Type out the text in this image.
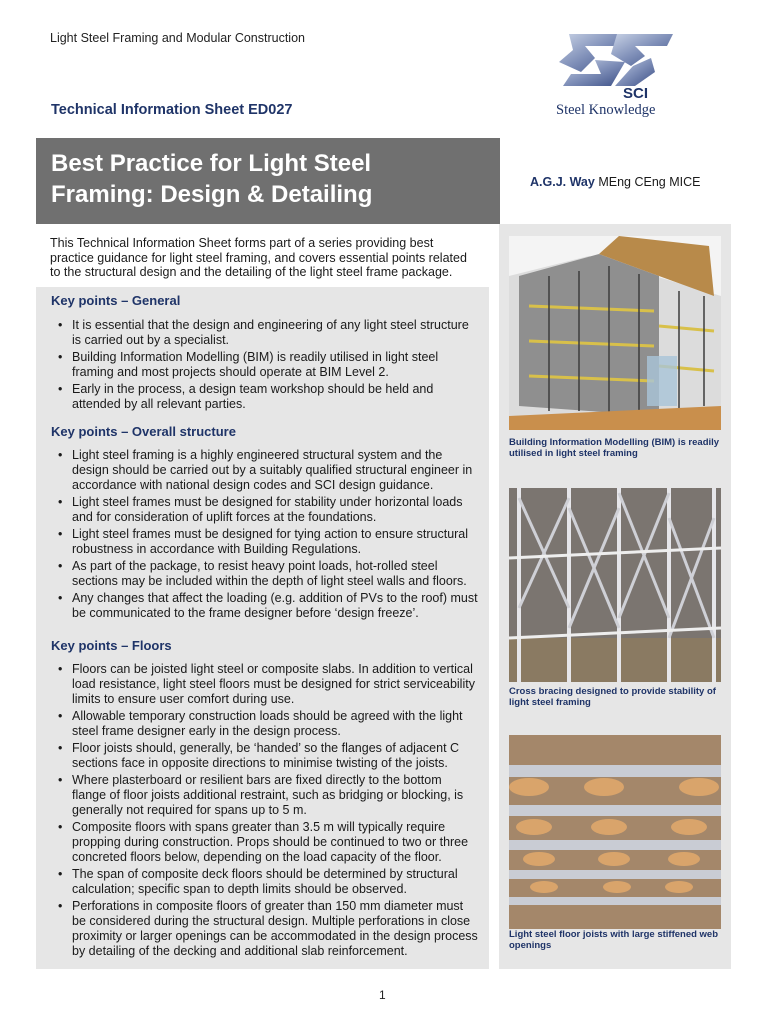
Light Steel Framing and Modular Construction
Technical Information Sheet ED027
SCI
Steel Knowledge
Best Practice for Light Steel
Framing: Design & Detailing	A.G.J. Way MEng CEng MICE
This Technical Information Sheet forms part of a series providing best practice guidance for light steel framing, and covers essential points related to the structural design and the detailing of the light steel frame package.
Key points – General
• It is essential that the design and engineering of any light steel structure is carried out by a specialist.
• Building Information Modelling (BIM) is readily utilised in light steel framing and most projects should operate at BIM Level 2.
• Early in the process, a design team workshop should be held and attended by all relevant parties.
Key points – Overall structure
• Light steel framing is a highly engineered structural system and the design should be carried out by a suitably qualified structural engineer in accordance with national design codes and SCI design guidance.
• Light steel frames must be designed for stability under horizontal loads and for consideration of uplift forces at the foundations.
• Light steel frames must be designed for tying action to ensure structural robustness in accordance with Building Regulations.
• As part of the package, to resist heavy point loads, hot-rolled steel sections may be included within the depth of light steel walls and floors.
• Any changes that affect the loading (e.g. addition of PVs to the roof) must be communicated to the frame designer before ‘design freeze’.
Key points – Floors
• Floors can be joisted light steel or composite slabs. In addition to vertical load resistance, light steel floors must be designed for strict serviceability limits to ensure user comfort during use.
• Allowable temporary construction loads should be agreed with the light steel frame designer early in the design process.
• Floor joists should, generally, be ‘handed’ so the flanges of adjacent C sections face in opposite directions to minimise twisting of the joists.
• Where plasterboard or resilient bars are fixed directly to the bottom flange of floor joists additional restraint, such as bridging or blocking, is generally not required for spans up to 5 m.
• Composite floors with spans greater than 3.5 m will typically require propping during construction. Props should be continued to two or three concreted floors below, depending on the load capacity of the floor.
• The span of composite deck floors should be determined by structural calculation; specific span to depth limits should be observed.
• Perforations in composite floors of greater than 150 mm diameter must be considered during the structural design. Multiple perforations in close proximity or larger openings can be accommodated in the design process by detailing of the decking and additional slab reinforcement.
Building Information Modelling (BIM) is readily utilised in light steel framing
Cross bracing designed to provide stability of light steel framing
Light steel floor joists with large stiffened web openings
1
